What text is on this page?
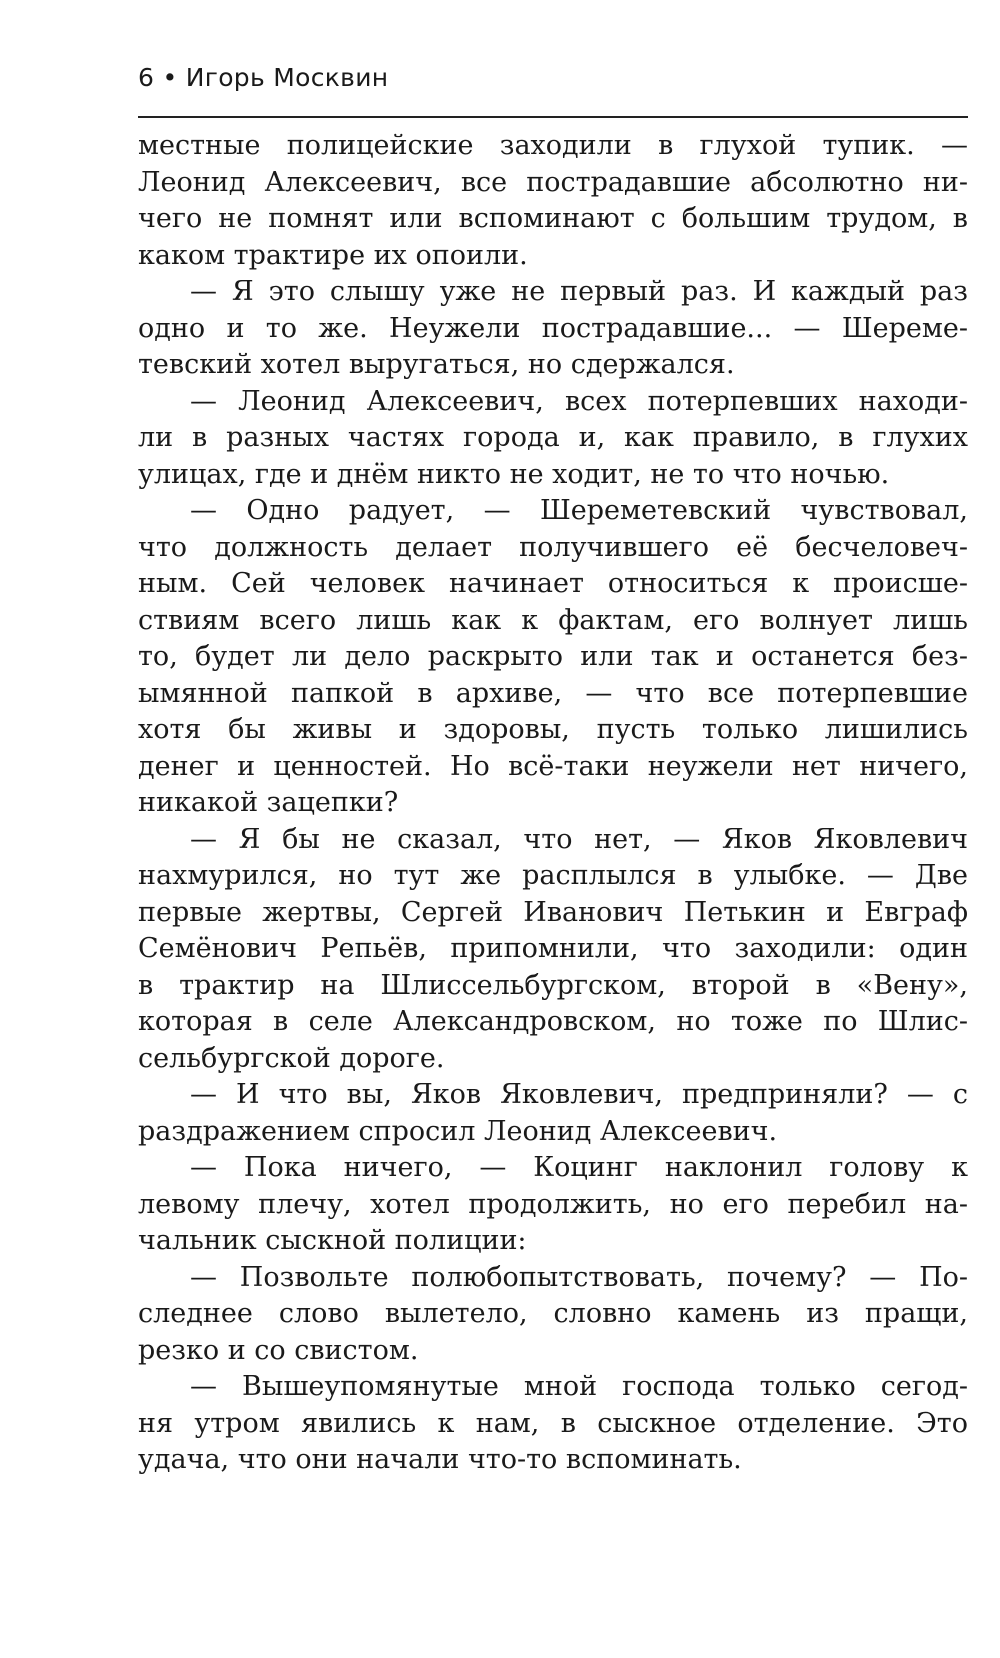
6 • Игорь Москвин
местные полицейские заходили в глухой тупик. —
Леонид Алексеевич, все пострадавшие абсолютно ни-
чего не помнят или вспоминают с большим трудом, в
каком трактире их опоили.
— Я это слышу уже не первый раз. И каждый раз
одно и то же. Неужели пострадавшие... — Шереме-
тевский хотел выругаться, но сдержался.
— Леонид Алексеевич, всех потерпевших находи-
ли в разных частях города и, как правило, в глухих
улицах, где и днём никто не ходит, не то что ночью.
— Одно радует, — Шереметевский чувствовал,
что должность делает получившего её бесчеловеч-
ным. Сей человек начинает относиться к происше-
ствиям всего лишь как к фактам, его волнует лишь
то, будет ли дело раскрыто или так и останется без-
ымянной папкой в архиве, — что все потерпевшие
хотя бы живы и здоровы, пусть только лишились
денег и ценностей. Но всё-таки неужели нет ничего,
никакой зацепки?
— Я бы не сказал, что нет, — Яков Яковлевич
нахмурился, но тут же расплылся в улыбке. — Две
первые жертвы, Сергей Иванович Петькин и Евграф
Семёнович Репьёв, припомнили, что заходили: один
в трактир на Шлиссельбургском, второй в «Вену»,
которая в селе Александровском, но тоже по Шлис-
сельбургской дороге.
— И что вы, Яков Яковлевич, предприняли? — с
раздражением спросил Леонид Алексеевич.
— Пока ничего, — Коцинг наклонил голову к
левому плечу, хотел продолжить, но его перебил на-
чальник сыскной полиции:
— Позвольте полюбопытствовать, почему? — По-
следнее слово вылетело, словно камень из пращи,
резко и со свистом.
— Вышеупомянутые мной господа только сегод-
ня утром явились к нам, в сыскное отделение. Это
удача, что они начали что-то вспоминать.
